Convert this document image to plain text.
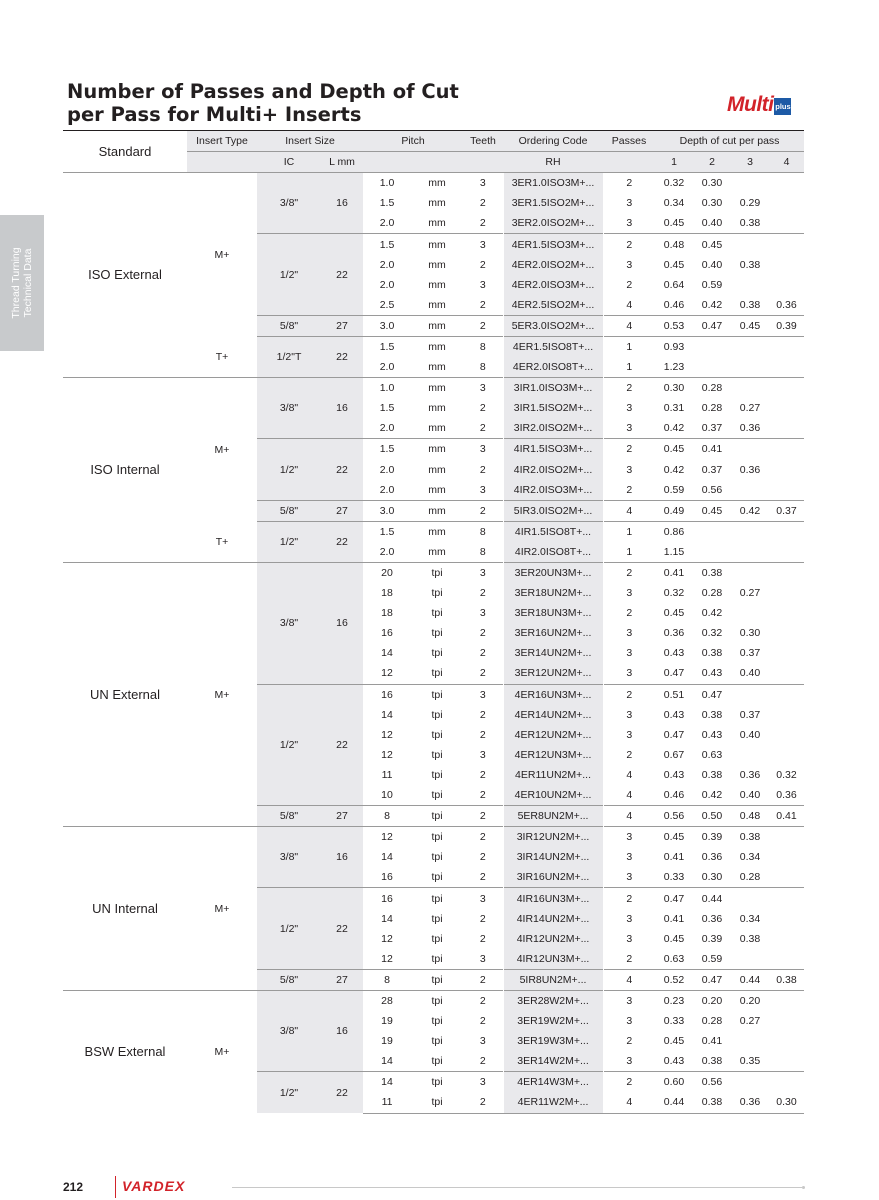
Number of Passes and Depth of Cut
per Pass for Multi+ Inserts	Multi plus
Thread Turning
Technical Data
Standard	Insert Type	Insert Size		Pitch		Teeth	Ordering Code	Passes	Depth of cut per pass			
		IC	L mm				RH		1	2	3	4
ISO External	M+	3/8"	16	1.0	mm	3	3ER1.0ISO3M+...	2	0.32	0.30		
				1.5	mm	2	3ER1.5ISO2M+...	3	0.34	0.30	0.29	
				2.0	mm	2	3ER2.0ISO2M+...	3	0.45	0.40	0.38	
		1/2"	22	1.5	mm	3	4ER1.5ISO3M+...	2	0.48	0.45		
				2.0	mm	2	4ER2.0ISO2M+...	3	0.45	0.40	0.38	
				2.0	mm	3	4ER2.0ISO3M+...	2	0.64	0.59		
				2.5	mm	2	4ER2.5ISO2M+...	4	0.46	0.42	0.38	0.36
		5/8"	27	3.0	mm	2	5ER3.0ISO2M+...	4	0.53	0.47	0.45	0.39
	T+	1/2"T	22	1.5	mm	8	4ER1.5ISO8T+...	1	0.93			
				2.0	mm	8	4ER2.0ISO8T+...	1	1.23			
ISO Internal	M+	3/8"	16	1.0	mm	3	3IR1.0ISO3M+...	2	0.30	0.28		
				1.5	mm	2	3IR1.5ISO2M+...	3	0.31	0.28	0.27	
				2.0	mm	2	3IR2.0ISO2M+...	3	0.42	0.37	0.36	
		1/2"	22	1.5	mm	3	4IR1.5ISO3M+...	2	0.45	0.41		
				2.0	mm	2	4IR2.0ISO2M+...	3	0.42	0.37	0.36	
				2.0	mm	3	4IR2.0ISO3M+...	2	0.59	0.56		
		5/8"	27	3.0	mm	2	5IR3.0ISO2M+...	4	0.49	0.45	0.42	0.37
	T+	1/2"	22	1.5	mm	8	4IR1.5ISO8T+...	1	0.86			
				2.0	mm	8	4IR2.0ISO8T+...	1	1.15			
UN External	M+	3/8"	16	20	tpi	3	3ER20UN3M+...	2	0.41	0.38		
				18	tpi	2	3ER18UN2M+...	3	0.32	0.28	0.27	
				18	tpi	3	3ER18UN3M+...	2	0.45	0.42		
				16	tpi	2	3ER16UN2M+...	3	0.36	0.32	0.30	
				14	tpi	2	3ER14UN2M+...	3	0.43	0.38	0.37	
				12	tpi	2	3ER12UN2M+...	3	0.47	0.43	0.40	
		1/2"	22	16	tpi	3	4ER16UN3M+...	2	0.51	0.47		
				14	tpi	2	4ER14UN2M+...	3	0.43	0.38	0.37	
				12	tpi	2	4ER12UN2M+...	3	0.47	0.43	0.40	
				12	tpi	3	4ER12UN3M+...	2	0.67	0.63		
				11	tpi	2	4ER11UN2M+...	4	0.43	0.38	0.36	0.32
				10	tpi	2	4ER10UN2M+...	4	0.46	0.42	0.40	0.36
		5/8"	27	8	tpi	2	5ER8UN2M+...	4	0.56	0.50	0.48	0.41
UN Internal	M+	3/8"	16	12	tpi	2	3IR12UN2M+...	3	0.45	0.39	0.38	
				14	tpi	2	3IR14UN2M+...	3	0.41	0.36	0.34	
				16	tpi	2	3IR16UN2M+...	3	0.33	0.30	0.28	
		1/2"	22	16	tpi	3	4IR16UN3M+...	2	0.47	0.44		
				14	tpi	2	4IR14UN2M+...	3	0.41	0.36	0.34	
				12	tpi	2	4IR12UN2M+...	3	0.45	0.39	0.38	
				12	tpi	3	4IR12UN3M+...	2	0.63	0.59		
		5/8"	27	8	tpi	2	5IR8UN2M+...	4	0.52	0.47	0.44	0.38
BSW External	M+	3/8"	16	28	tpi	2	3ER28W2M+...	3	0.23	0.20	0.20	
				19	tpi	2	3ER19W2M+...	3	0.33	0.28	0.27	
				19	tpi	3	3ER19W3M+...	2	0.45	0.41		
				14	tpi	2	3ER14W2M+...	3	0.43	0.38	0.35	
		1/2"	22	14	tpi	3	4ER14W3M+...	2	0.60	0.56		
				11	tpi	2	4ER11W2M+...	4	0.44	0.38	0.36	0.30
212	VARDEX
